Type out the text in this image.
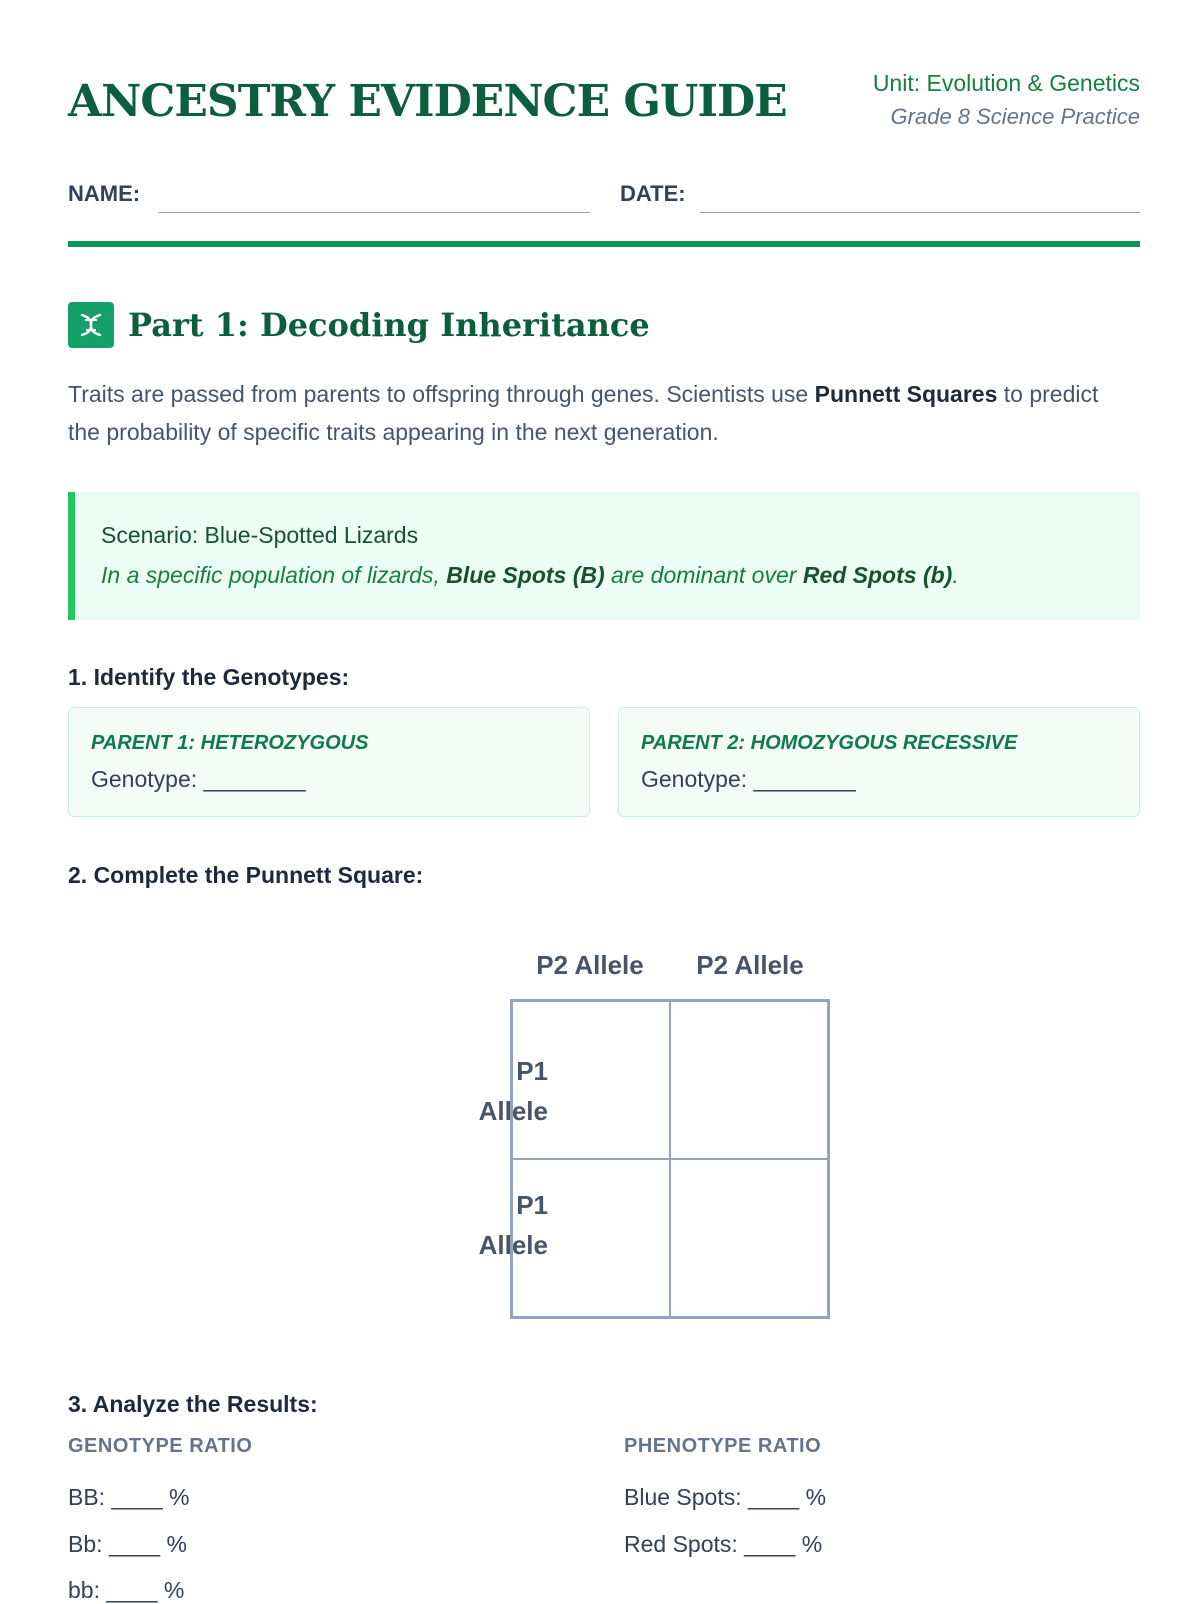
ANCESTRY EVIDENCE GUIDE	Unit: Evolution & Genetics
Grade 8 Science Practice
NAME:	DATE:
Part 1: Decoding Inheritance

Traits are passed from parents to offspring through genes. Scientists use Punnett Squares to predict the probability of specific traits appearing in the next generation.

Scenario: Blue-Spotted Lizards
In a specific population of lizards, Blue Spots (B) are dominant over Red Spots (b).
1. Identify the Genotypes:
PARENT 1: HETEROZYGOUS
Genotype: ________
PARENT 2: HOMOZYGOUS RECESSIVE
Genotype: ________
2. Complete the Punnett Square:
P2 Allele	P2 Allele
P1
Allele
P1
Allele
3. Analyze the Results:
GENOTYPE RATIO
BB: ____ %
Bb: ____ %
bb: ____ %
PHENOTYPE RATIO
Blue Spots: ____ %
Red Spots: ____ %
